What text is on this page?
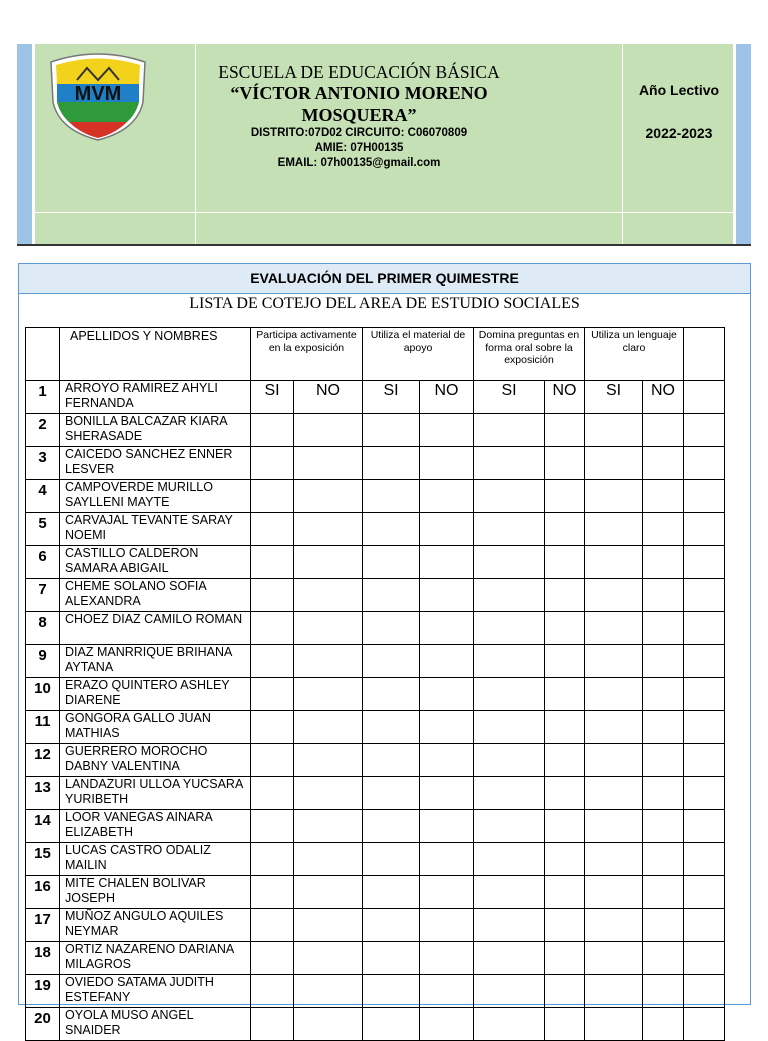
MVM
ESCUELA DE EDUCACIÓN BÁSICA
“VÍCTOR ANTONIO MORENO
MOSQUERA”
DISTRITO:07D02 CIRCUITO: C06070809
AMIE: 07H00135
EMAIL: 07h00135@gmail.com
Año Lectivo
2022-2023
EVALUACIÓN DEL PRIMER QUIMESTRE
LISTA DE COTEJO DEL AREA DE ESTUDIO SOCIALES
	APELLIDOS Y NOMBRES	Participa activamente en la exposición		Utiliza el material de apoyo		Domina preguntas en forma oral sobre la exposición		Utiliza un lenguaje claro		
1	ARROYO RAMIREZ AHYLI FERNANDA	SI	NO	SI	NO	SI	NO	SI	NO	
2	BONILLA BALCAZAR KIARA SHERASADE									
3	CAICEDO SANCHEZ ENNER LESVER									
4	CAMPOVERDE MURILLO SAYLLENI MAYTE									
5	CARVAJAL TEVANTE SARAY NOEMI									
6	CASTILLO CALDERON SAMARA ABIGAIL									
7	CHEME SOLANO SOFIA ALEXANDRA									
8	CHOEZ DIAZ CAMILO ROMAN									
9	DIAZ MANRRIQUE BRIHANA AYTANA									
10	ERAZO QUINTERO ASHLEY DIARENE									
11	GONGORA GALLO JUAN MATHIAS									
12	GUERRERO MOROCHO DABNY VALENTINA									
13	LANDAZURI ULLOA YUCSARA YURIBETH									
14	LOOR VANEGAS AINARA ELIZABETH									
15	LUCAS CASTRO ODALIZ MAILIN									
16	MITE CHALEN BOLIVAR JOSEPH									
17	MUÑOZ ANGULO AQUILES NEYMAR									
18	ORTIZ NAZARENO DARIANA MILAGROS									
19	OVIEDO SATAMA JUDITH ESTEFANY									
20	OYOLA MUSO ANGEL SNAIDER									
